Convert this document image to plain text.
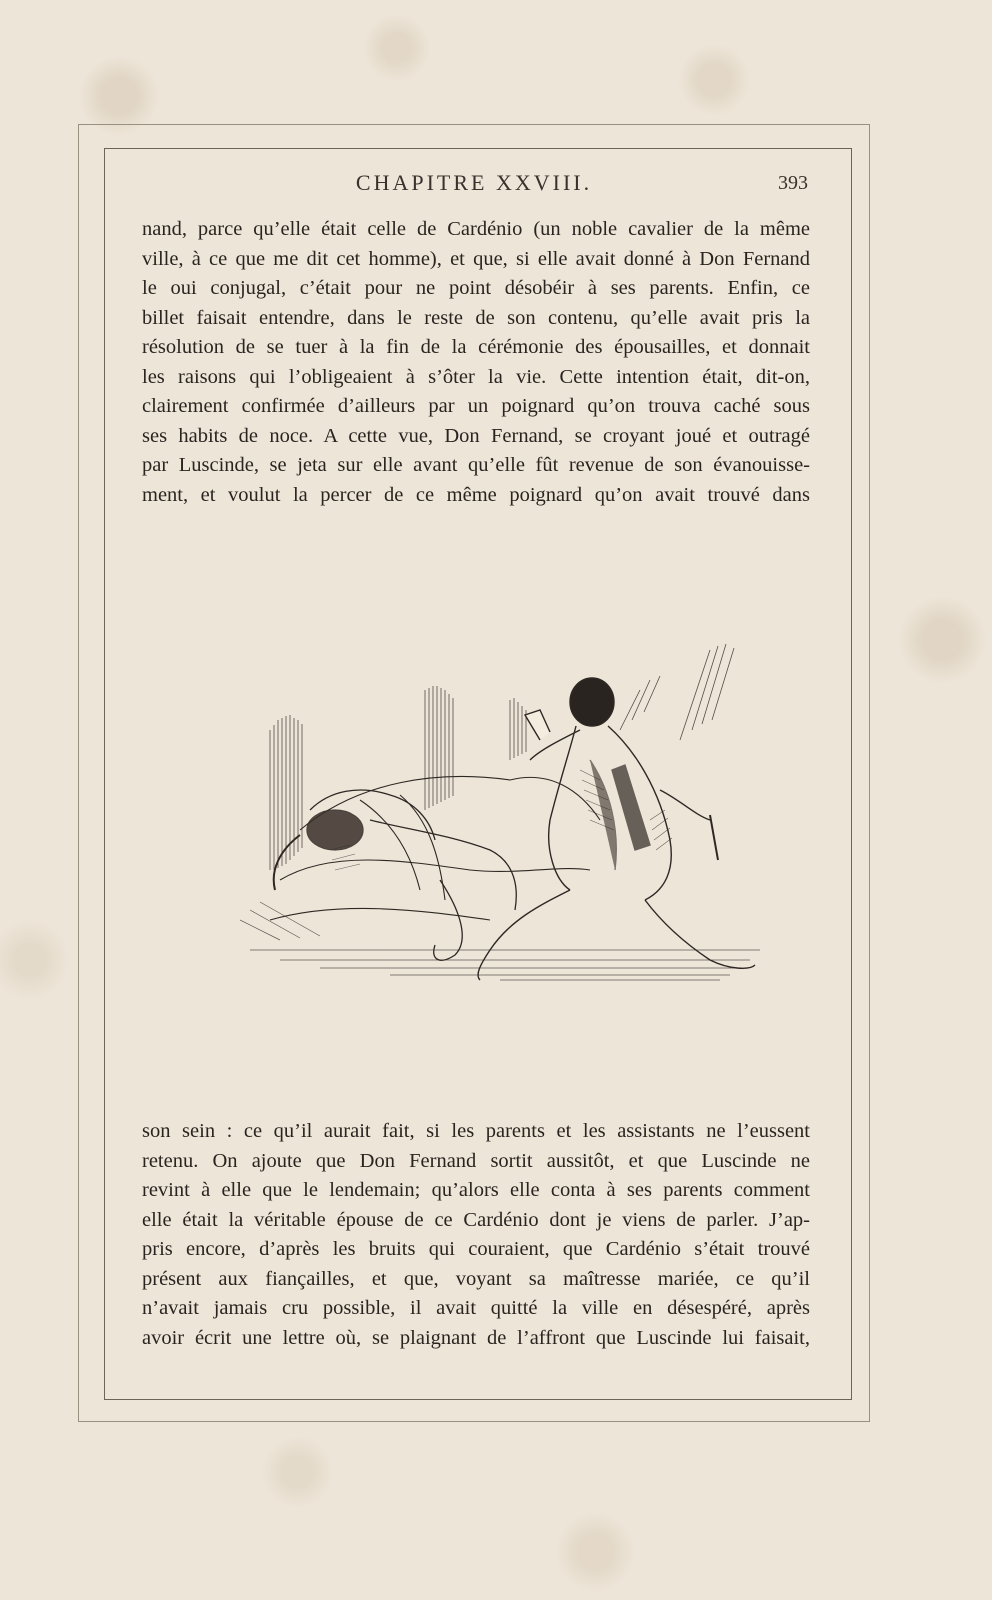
CHAPITRE XXVIII.	393

nand, parce qu’elle était celle de Cardénio (un noble cavalier de la même

ville, à ce que me dit cet homme), et que, si elle avait donné à Don Fernand

le oui conjugal, c’était pour ne point désobéir à ses parents. Enfin, ce

billet faisait entendre, dans le reste de son contenu, qu’elle avait pris la

résolution de se tuer à la fin de la cérémonie des épousailles, et donnait

les raisons qui l’obligeaient à s’ôter la vie. Cette intention était, dit-on,

clairement confirmée d’ailleurs par un poignard qu’on trouva caché sous

ses habits de noce. A cette vue, Don Fernand, se croyant joué et outragé

par Luscinde, se jeta sur elle avant qu’elle fût revenue de son évanouisse-

ment, et voulut la percer de ce même poignard qu’on avait trouvé dans

son sein : ce qu’il aurait fait, si les parents et les assistants ne l’eussent

retenu. On ajoute que Don Fernand sortit aussitôt, et que Luscinde ne

revint à elle que le lendemain; qu’alors elle conta à ses parents comment

elle était la véritable épouse de ce Cardénio dont je viens de parler. J’ap-

pris encore, d’après les bruits qui couraient, que Cardénio s’était trouvé

présent aux fiançailles, et que, voyant sa maîtresse mariée, ce qu’il

n’avait jamais cru possible, il avait quitté la ville en désespéré, après

avoir écrit une lettre où, se plaignant de l’affront que Luscinde lui faisait,
